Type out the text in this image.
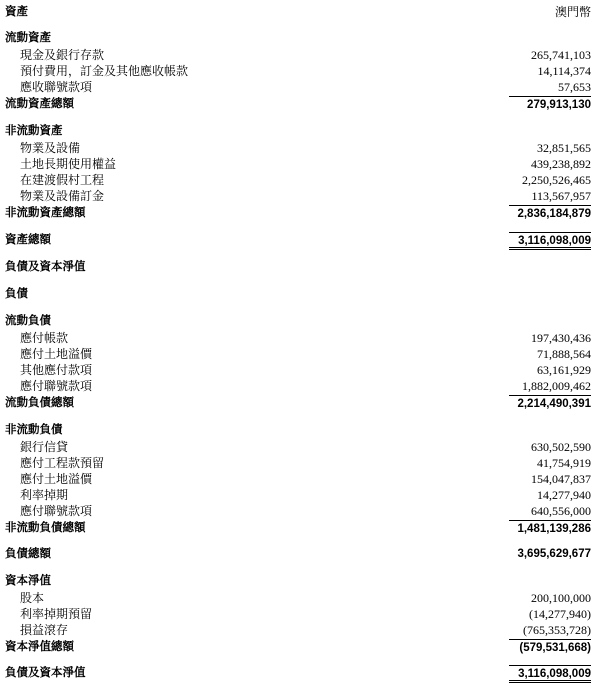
澳門幣
資產
流動資產
現金及銀行存款	265,741,103
預付費用，訂金及其他應收帳款	14,114,374
應收聯號款項	57,653
流動資產總額	279,913,130
非流動資產
物業及設備	32,851,565
土地長期使用權益	439,238,892
在建渡假村工程	2,250,526,465
物業及設備訂金	113,567,957
非流動資產總額	2,836,184,879
資產總額	3,116,098,009
負債及資本淨值
負債
流動負債
應付帳款	197,430,436
應付土地溢價	71,888,564
其他應付款項	63,161,929
應付聯號款項	1,882,009,462
流動負債總額	2,214,490,391
非流動負債
銀行信貸	630,502,590
應付工程款預留	41,754,919
應付土地溢價	154,047,837
利率掉期	14,277,940
應付聯號款項	640,556,000
非流動負債總額	1,481,139,286
負債總額	3,695,629,677
資本淨值
股本	200,100,000
利率掉期預留	(14,277,940)
損益滾存	(765,353,728)
資本淨值總額	(579,531,668)
負債及資本淨值	3,116,098,009
